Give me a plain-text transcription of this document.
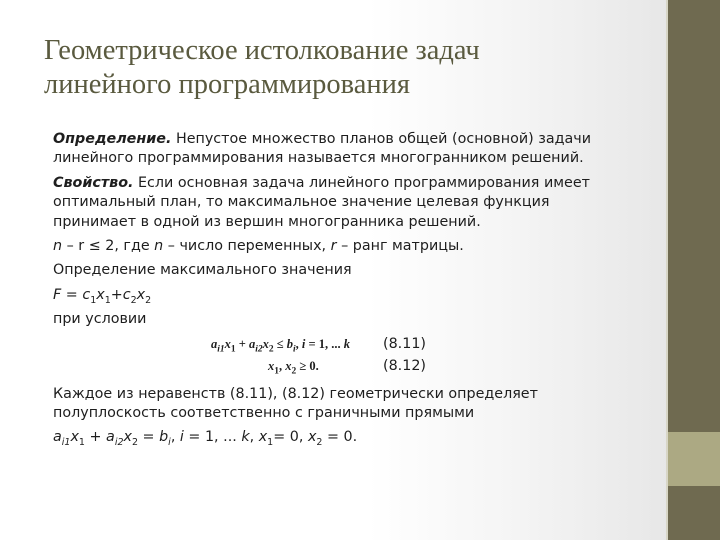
Геометрическое истолкование задач
линейного программирования
Определение. Непустое множество планов общей (основной) задачи
линейного программирования называется многогранником решений.
Свойство. Если основная задача линейного программирования имеет
оптимальный план, то максимальное значение целевая функция
принимает в одной из вершин многогранника решений.
n – r ≤ 2, где n – число переменных, r – ранг матрицы.
Определение максимального значения
$F = c_1x_1+c_2x_2$
при условии
$a_{i1}x_1 + a_{i2}x_2 \le b_i$, i = 1, ... k (8.11)
$x_1$, $x_2 \ge 0$.	(8.12)
Каждое из неравенств (8.11), (8.12) геометрически определяет
полуплоскость соответственно с граничными прямыми
$a_{i1}x_1 + a_{i2}x_2 = b_i$, i = 1, ... k, $x_1= 0$, $x_2 = 0$.
